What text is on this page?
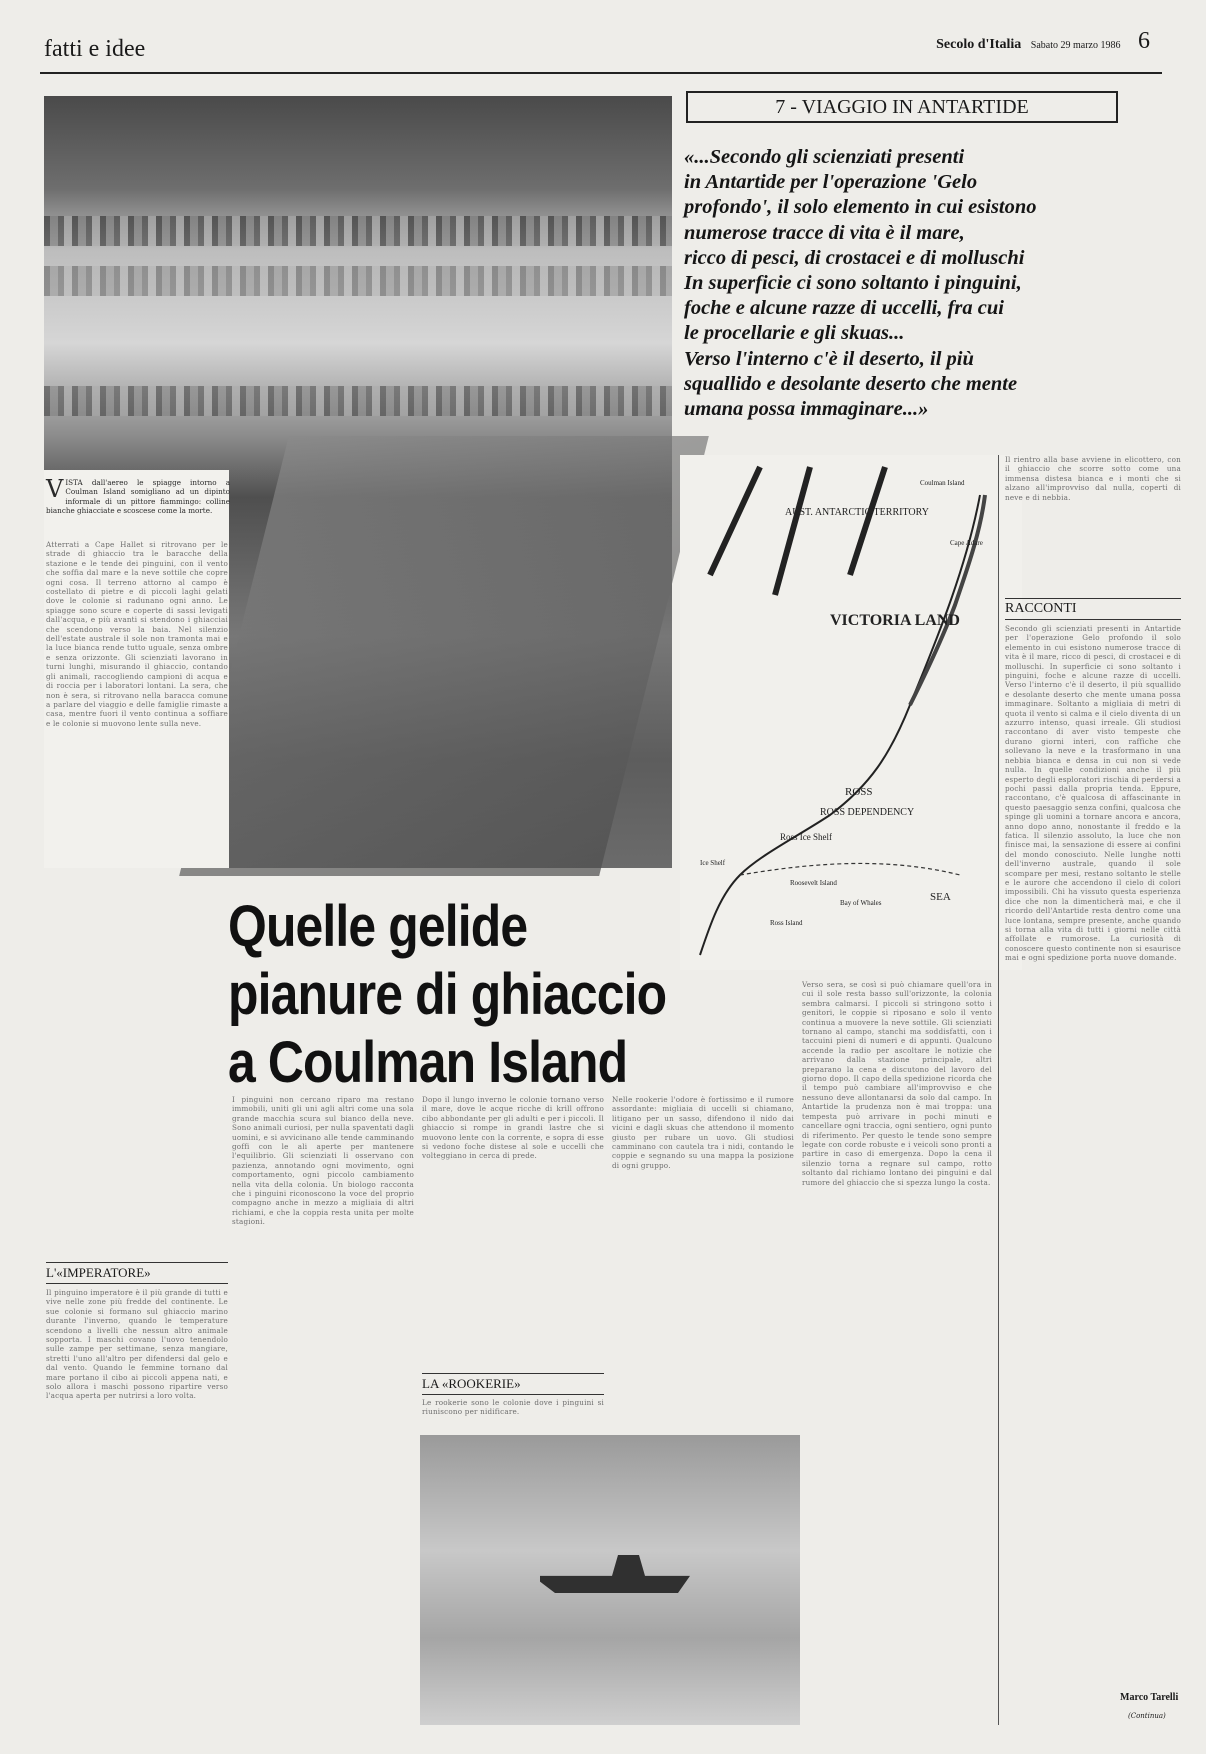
fatti e idee	Secolo d'Italia Sabato 29 marzo 1986 6
V ISTA dall'aereo le spiagge intorno a Coulman Island somigliano ad un dipinto informale di un pittore fiammingo: colline bianche ghiacciate e scoscese come la morte.
Atterrati a Cape Hallet si ritrovano per le strade di ghiaccio tra le baracche della stazione e le tende dei pinguini, con il vento che soffia dal mare e la neve sottile che copre ogni cosa. Il terreno attorno al campo è costellato di pietre e di piccoli laghi gelati dove le colonie si radunano ogni anno. Le spiagge sono scure e coperte di sassi levigati dall'acqua, e più avanti si stendono i ghiacciai che scendono verso la baia. Nel silenzio dell'estate australe il sole non tramonta mai e la luce bianca rende tutto uguale, senza ombre e senza orizzonte. Gli scienziati lavorano in turni lunghi, misurando il ghiaccio, contando gli animali, raccogliendo campioni di acqua e di roccia per i laboratori lontani. La sera, che non è sera, si ritrovano nella baracca comune a parlare del viaggio e delle famiglie rimaste a casa, mentre fuori il vento continua a soffiare e le colonie si muovono lente sulla neve.
L'«IMPERATORE»
Il pinguino imperatore è il più grande di tutti e vive nelle zone più fredde del continente. Le sue colonie si formano sul ghiaccio marino durante l'inverno, quando le temperature scendono a livelli che nessun altro animale sopporta. I maschi covano l'uovo tenendolo sulle zampe per settimane, senza mangiare, stretti l'uno all'altro per difendersi dal gelo e dal vento. Quando le femmine tornano dal mare portano il cibo ai piccoli appena nati, e solo allora i maschi possono ripartire verso l'acqua aperta per nutrirsi a loro volta.
Quelle gelide
pianure di ghiaccio
a Coulman Island
I pinguini non cercano riparo ma restano immobili, uniti gli uni agli altri come una sola grande macchia scura sul bianco della neve. Sono animali curiosi, per nulla spaventati dagli uomini, e si avvicinano alle tende camminando goffi con le ali aperte per mantenere l'equilibrio. Gli scienziati li osservano con pazienza, annotando ogni movimento, ogni comportamento, ogni piccolo cambiamento nella vita della colonia. Un biologo racconta che i pinguini riconoscono la voce del proprio compagno anche in mezzo a migliaia di altri richiami, e che la coppia resta unita per molte stagioni.
Dopo il lungo inverno le colonie tornano verso il mare, dove le acque ricche di krill offrono cibo abbondante per gli adulti e per i piccoli. Il ghiaccio si rompe in grandi lastre che si muovono lente con la corrente, e sopra di esse si vedono foche distese al sole e uccelli che volteggiano in cerca di prede.
LA «ROOKERIE»
Le rookerie sono le colonie dove i pinguini si riuniscono per nidificare.
Nelle rookerie l'odore è fortissimo e il rumore assordante: migliaia di uccelli si chiamano, litigano per un sasso, difendono il nido dai vicini e dagli skuas che attendono il momento giusto per rubare un uovo. Gli studiosi camminano con cautela tra i nidi, contando le coppie e segnando su una mappa la posizione di ogni gruppo.
Verso sera, se così si può chiamare quell'ora in cui il sole resta basso sull'orizzonte, la colonia sembra calmarsi. I piccoli si stringono sotto i genitori, le coppie si riposano e solo il vento continua a muovere la neve sottile. Gli scienziati tornano al campo, stanchi ma soddisfatti, con i taccuini pieni di numeri e di appunti. Qualcuno accende la radio per ascoltare le notizie che arrivano dalla stazione principale, altri preparano la cena e discutono del lavoro del giorno dopo. Il capo della spedizione ricorda che il tempo può cambiare all'improvviso e che nessuno deve allontanarsi da solo dal campo. In Antartide la prudenza non è mai troppa: una tempesta può arrivare in pochi minuti e cancellare ogni traccia, ogni sentiero, ogni punto di riferimento. Per questo le tende sono sempre legate con corde robuste e i veicoli sono pronti a partire in caso di emergenza. Dopo la cena il silenzio torna a regnare sul campo, rotto soltanto dal richiamo lontano dei pinguini e dal rumore del ghiaccio che si spezza lungo la costa.
7 - VIAGGIO IN ANTARTIDE
«...Secondo gli scienziati presenti
in Antartide per l'operazione 'Gelo
profondo', il solo elemento in cui esistono
numerose tracce di vita è il mare,
ricco di pesci, di crostacei e di molluschi
In superficie ci sono soltanto i pinguini,
foche e alcune razze di uccelli, fra cui
le procellarie e gli skuas...
Verso l'interno c'è il deserto, il più
squallido e desolante deserto che mente
umana possa immaginare...»
VICTORIA LAND
AUST. ANTARCTIC TERRITORY
ROSS
ROSS DEPENDENCY
Ross Ice Shelf
SEA
Coulman Island
Ice Shelf
Roosevelt Island
Bay of Whales
Cape Adare
Ross Island
Il rientro alla base avviene in elicottero, con il ghiaccio che scorre sotto come una immensa distesa bianca e i monti che si alzano all'improvviso dal nulla, coperti di neve e di nebbia.
RACCONTI
Secondo gli scienziati presenti in Antartide per l'operazione Gelo profondo il solo elemento in cui esistono numerose tracce di vita è il mare, ricco di pesci, di crostacei e di molluschi. In superficie ci sono soltanto i pinguini, foche e alcune razze di uccelli. Verso l'interno c'è il deserto, il più squallido e desolante deserto che mente umana possa immaginare. Soltanto a migliaia di metri di quota il vento si calma e il cielo diventa di un azzurro intenso, quasi irreale. Gli studiosi raccontano di aver visto tempeste che durano giorni interi, con raffiche che sollevano la neve e la trasformano in una nebbia bianca e densa in cui non si vede nulla. In quelle condizioni anche il più esperto degli esploratori rischia di perdersi a pochi passi dalla propria tenda. Eppure, raccontano, c'è qualcosa di affascinante in questo paesaggio senza confini, qualcosa che spinge gli uomini a tornare ancora e ancora, anno dopo anno, nonostante il freddo e la fatica. Il silenzio assoluto, la luce che non finisce mai, la sensazione di essere ai confini del mondo conosciuto. Nelle lunghe notti dell'inverno australe, quando il sole scompare per mesi, restano soltanto le stelle e le aurore che accendono il cielo di colori impossibili. Chi ha vissuto questa esperienza dice che non la dimenticherà mai, e che il ricordo dell'Antartide resta dentro come una luce lontana, sempre presente, anche quando si torna alla vita di tutti i giorni nelle città affollate e rumorose. La curiosità di conoscere questo continente non si esaurisce mai e ogni spedizione porta nuove domande.
Marco Tarelli
(Continua)
